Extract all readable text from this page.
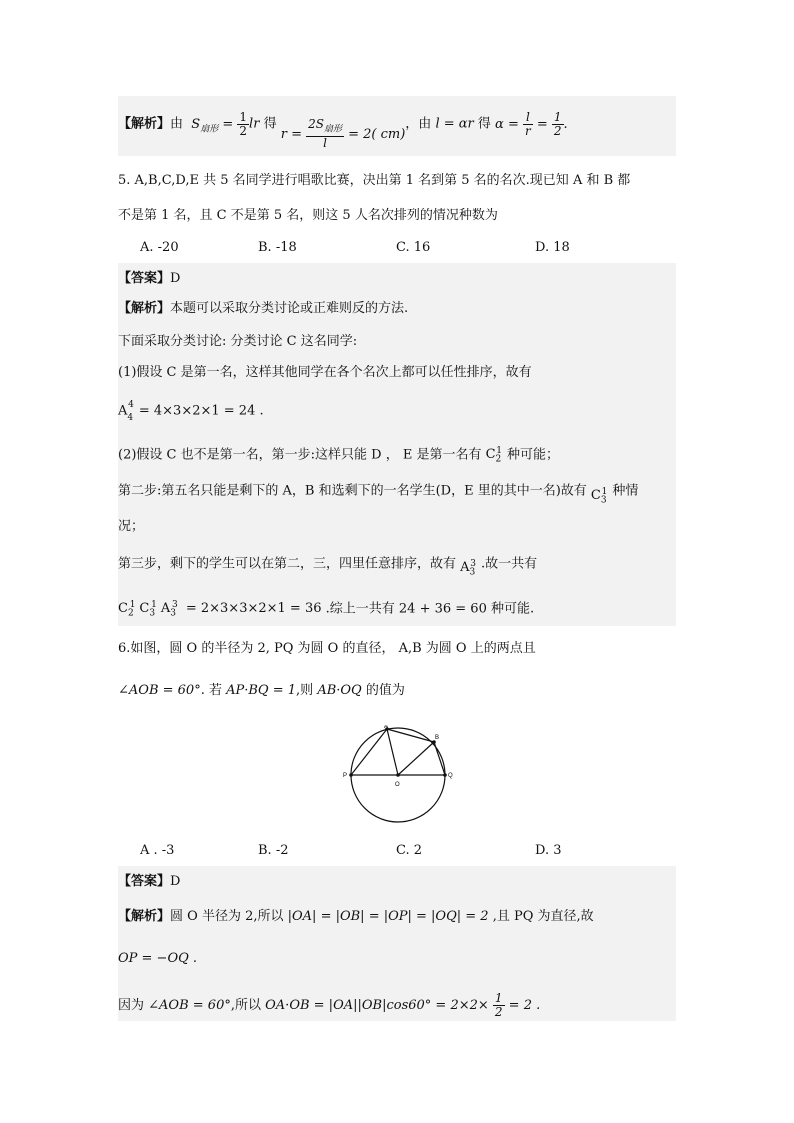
【解析】由  $S_{扇形} = \frac{1}{2}$ lr 得 $r = \frac{2S_{扇形}}{l} = 2$( cm)，由 l = αr 得 $\alpha = \frac{l}{r} = \frac{1}{2}$ .
5. A,B,C,D,E 共 5 名同学进行唱歌比赛，决出第 1 名到第 5 名的名次.现已知 A 和 B 都
不是第 1 名，且 C 不是第 5 名，则这 5 人名次排列的情况种数为
A. -20	B. -18	C. 16	D. 18
【答案】D
【解析】本题可以采取分类讨论或正难则反的方法.
下面采取分类讨论: 分类讨论 C 这名同学:
(1)假设 C 是第一名，这样其他同学在各个名次上都可以任性排序，故有
$A_4^4 = 4\times 3\times 2\times 1 = 24$ .
(2)假设 C 也不是第一名，第一步:这样只能 D ， E 是第一名有 $C_2^1$ 种可能；
第二步:第五名只能是剩下的 A，B 和选剩下的一名学生(D，E 里的其中一名)故有 $C_3^1$ 种情
况；
第三步，剩下的学生可以在第二，三，四里任意排序，故有 $A_3^3$ .故一共有
$C_2^1$ $C_3^1$ $A_3^3 = 2\times 3\times 3\times 2\times 1 = 36$ .综上一共有 24 + 36 = 60 种可能.
6.如图，圆 O 的半径为 2, PQ 为圆 O 的直径， A,B 为圆 O 上的两点且
∠AOB = 60°. 若 AP·BQ = 1,则 AB·OQ 的值为
A
B
P
O
Q
A . -3	B. -2	C. 2	D. 3
【答案】D
【解析】圆 O 半径为 2,所以 |OA| = |OB| = |OP| = |OQ| = 2 ,且 PQ 为直径,故
OP = −OQ .
因为 ∠AOB = 60°,所以 $OA\cdot OB = |OA||OB|\cos 60^\circ = 2\times 2\times \frac{1}{2} = 2$ .
